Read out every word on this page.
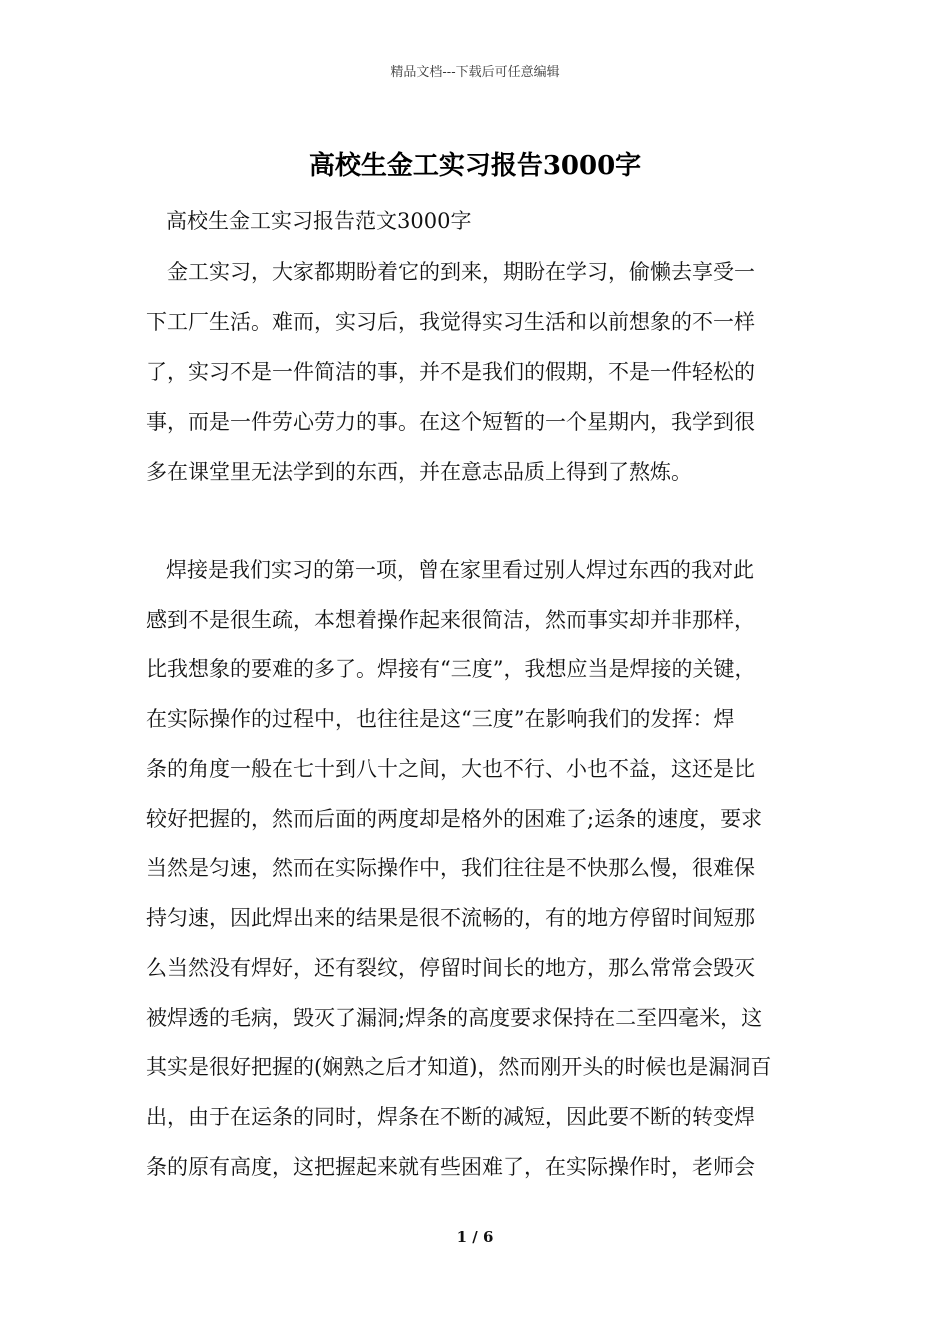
精品文档---下载后可任意编辑
高校生金工实习报告3000字
高校生金工实习报告范文3000字
　金工实习，大家都期盼着它的到来，期盼在学习，偷懒去享受一
下工厂生活。难而，实习后，我觉得实习生活和以前想象的不一样
了，实习不是一件简洁的事，并不是我们的假期，不是一件轻松的
事，而是一件劳心劳力的事。在这个短暂的一个星期内，我学到很
多在课堂里无法学到的东西，并在意志品质上得到了熬炼。
焊接是我们实习的第一项，曾在家里看过别人焊过东西的我对此
感到不是很生疏，本想着操作起来很简洁，然而事实却并非那样，
比我想象的要难的多了。焊接有“三度”，我想应当是焊接的关键，
在实际操作的过程中，也往往是这“三度”在影响我们的发挥：焊
条的角度一般在七十到八十之间，大也不行、小也不益，这还是比
较好把握的，然而后面的两度却是格外的困难了;运条的速度，要求
当然是匀速，然而在实际操作中，我们往往是不快那么慢，很难保
持匀速，因此焊出来的结果是很不流畅的，有的地方停留时间短那
么当然没有焊好，还有裂纹，停留时间长的地方，那么常常会毁灭
被焊透的毛病，毁灭了漏洞;焊条的高度要求保持在二至四毫米，这
其实是很好把握的(娴熟之后才知道)，然而刚开头的时候也是漏洞百
出，由于在运条的同时，焊条在不断的减短，因此要不断的转变焊
条的原有高度，这把握起来就有些困难了，在实际操作时，老师会
1 / 6
